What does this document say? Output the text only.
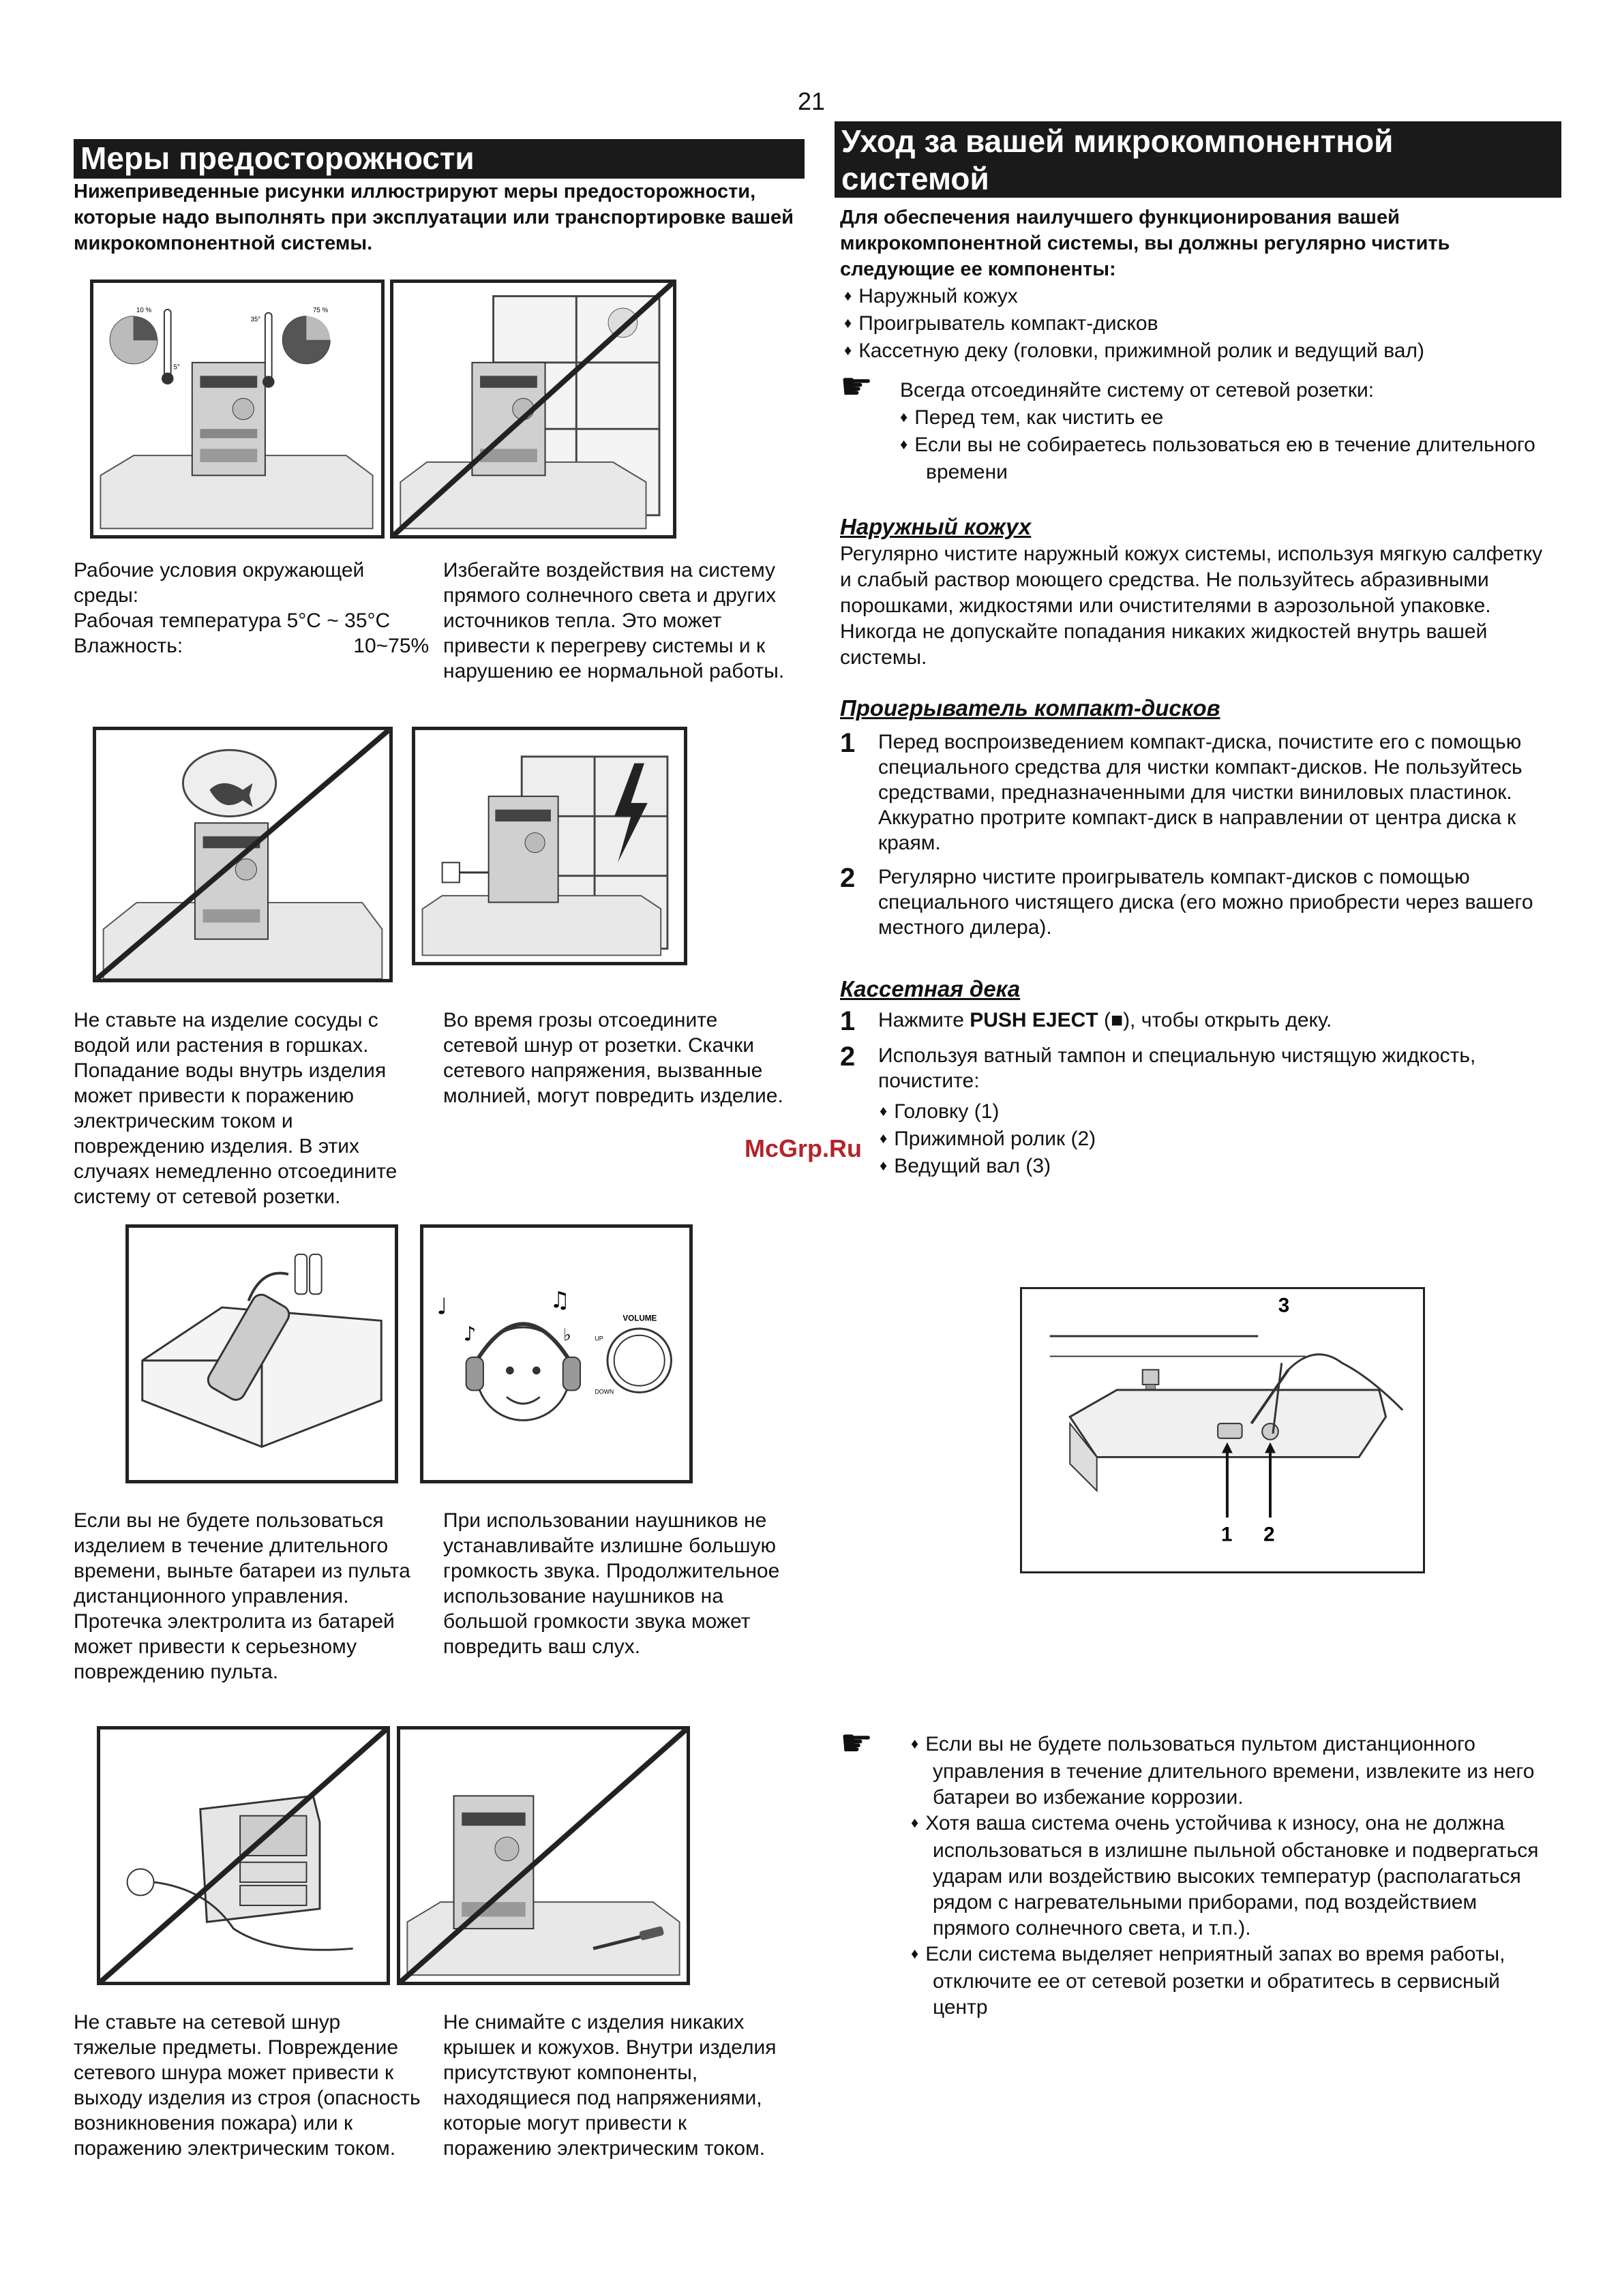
21
Меры предосторожности
Нижеприведенные рисунки иллюстрируют меры предосторожности, которые надо выполнять при эксплуатации или транспортировке вашей микрокомпонентной системы.
10 %	75 %
5°
35°
Рабочие условия окружающей
среды:
Рабочая температура 5°C ~ 35°C
Влажность:                              10~75%
Избегайте воздействия на систему прямого солнечного света и других источников тепла. Это может привести к перегреву системы и к нарушению ее нормальной работы.
Не ставьте на изделие сосуды с водой или растения в горшках. Попадание воды внутрь изделия может привести к поражению электрическим током и повреждению изделия. В этих случаях немедленно отсоедините систему от сетевой розетки.
Во время грозы отсоедините сетевой шнур от розетки. Скачки сетевого напряжения, вызванные молнией, могут повредить изделие.
VOLUME
UP
DOWN
♩
♪
♫
♭
Если вы не будете пользоваться изделием в течение длительного времени, выньте батареи из пульта дистанционного управления. Протечка электролита из батарей может привести к серьезному повреждению пульта.
При использовании наушников не устанавливайте излишне большую громкость звука. Продолжительное использование наушников на большой громкости звука может повредить ваш слух.
Не ставьте на сетевой шнур тяжелые предметы. Повреждение сетевого шнура может привести к выходу изделия из строя (опасность возникновения пожара) или к поражению электрическим током.
Не снимайте с изделия никаких крышек и кожухов. Внутри изделия присутствуют компоненты, находящиеся под напряжениями, которые могут привести к поражению электрическим током.
Уход за вашей микрокомпонентной
системой
Для обеспечения наилучшего функционирования вашей микрокомпонентной системы, вы должны регулярно чистить следующие ее компоненты:
♦ Наружный кожух
♦ Проигрыватель компакт-дисков
♦ Кассетную деку (головки, прижимной ролик и ведущий вал)
☛ Всегда отсоединяйте систему от сетевой розетки:
♦ Перед тем, как чистить ее
♦ Если вы не собираетесь пользоваться ею в течение длительного времени
Наружный кожух
Регулярно чистите наружный кожух системы, используя мягкую салфетку и слабый раствор моющего средства. Не пользуйтесь абразивными порошками, жидкостями или очистителями в аэрозольной упаковке. Никогда не допускайте попадания никаких жидкостей внутрь вашей системы.
Проигрыватель компакт-дисков
1	Перед воспроизведением компакт-диска, почистите его с помощью специального средства для чистки компакт-дисков. Не пользуйтесь средствами, предназначенными для чистки виниловых пластинок. Аккуратно протрите компакт-диск в направлении от центра диска к краям.
2	Регулярно чистите проигрыватель компакт-дисков с помощью специального чистящего диска (его можно приобрести через вашего местного дилера).
Кассетная дека
1	Нажмите PUSH EJECT (■), чтобы открыть деку.
2	Используя ватный тампон и специальную чистящую жидкость, почистите:
♦ Головку (1)
♦ Прижимной ролик (2)
♦ Ведущий вал (3)
McGrp.Ru
1 2
3
☛
♦	Если вы не будете пользоваться пультом дистанционного управления в течение длительного времени, извлеките из него батареи во избежание коррозии.
♦ Хотя ваша система очень устойчива к износу, она не должна использоваться в излишне пыльной обстановке и подвергаться ударам или воздействию высоких температур (располагаться рядом с нагревательными приборами, под воздействием прямого солнечного света, и т.п.).
♦ Если система выделяет неприятный запах во время работы, отключите ее от сетевой розетки и обратитесь в сервисный центр
